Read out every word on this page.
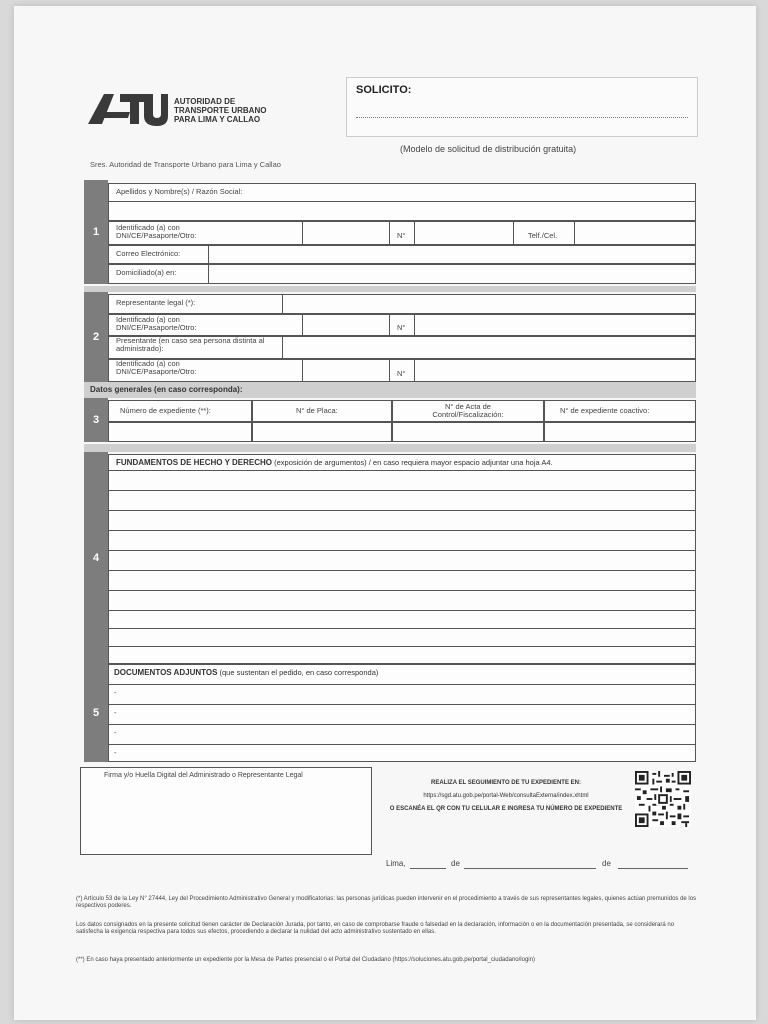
AUTORIDAD DE
TRANSPORTE URBANO
PARA LIMA Y CALLAO
SOLICITO:
(Modelo de solicitud de distribución gratuita)
Sres. Autoridad de Transporte Urbano para Lima y Callao
1
Apellidos y Nombre(s) / Razón Social:
Identificado (a) con DNI/CE/Pasaporte/Otro:	N°	Telf./Cel.
Correo Electrónico:
Domiciliado(a) en:
2
Representante legal (*):
Identificado (a) con DNI/CE/Pasaporte/Otro:	N°
Presentante (en caso sea persona distinta al administrado):
Identificado (a) con DNI/CE/Pasaporte/Otro:	N°
Datos generales (en caso corresponda):
3
Número de expediente (**):	N° de Placa:	N° de Acta de Control/Fiscalización:	N° de expediente coactivo:
4
FUNDAMENTOS DE HECHO Y DERECHO (exposición de argumentos) / en caso requiera mayor espacio adjuntar una hoja A4.
5
DOCUMENTOS ADJUNTOS (que sustentan el pedido, en caso corresponda)
-
-
-
-
Firma y/o Huella Digital del Administrado o Representante Legal
REALIZA EL SEGUIMIENTO DE TU EXPEDIENTE EN:
https://sgd.atu.gob.pe/portal-Web/consultaExterna/index.xhtml
O ESCANÉA EL QR CON TU CELULAR E INGRESA TU NÚMERO DE EXPEDIENTE
Lima,	de	de
(*) Artículo 53 de la Ley N° 27444, Ley del Procedimiento Administrativo General y modificatorias: las personas jurídicas pueden intervenir en el procedimiento a través de sus representantes legales, quienes actúan premunidos de los respectivos poderes.
Los datos consignados en la presente solicitud tienen carácter de Declaración Jurada, por tanto, en caso de comprobarse fraude o falsedad en la declaración, información o en la documentación presentada, se considerará no satisfecha la exigencia respectiva para todos sus efectos, procediendo a declarar la nulidad del acto administrativo sustentado en ellas.
(**) En caso haya presentado anteriormente un expediente por la Mesa de Partes presencial o el Portal del Ciudadano (https://soluciones.atu.gob.pe/portal_ciudadano/login)
